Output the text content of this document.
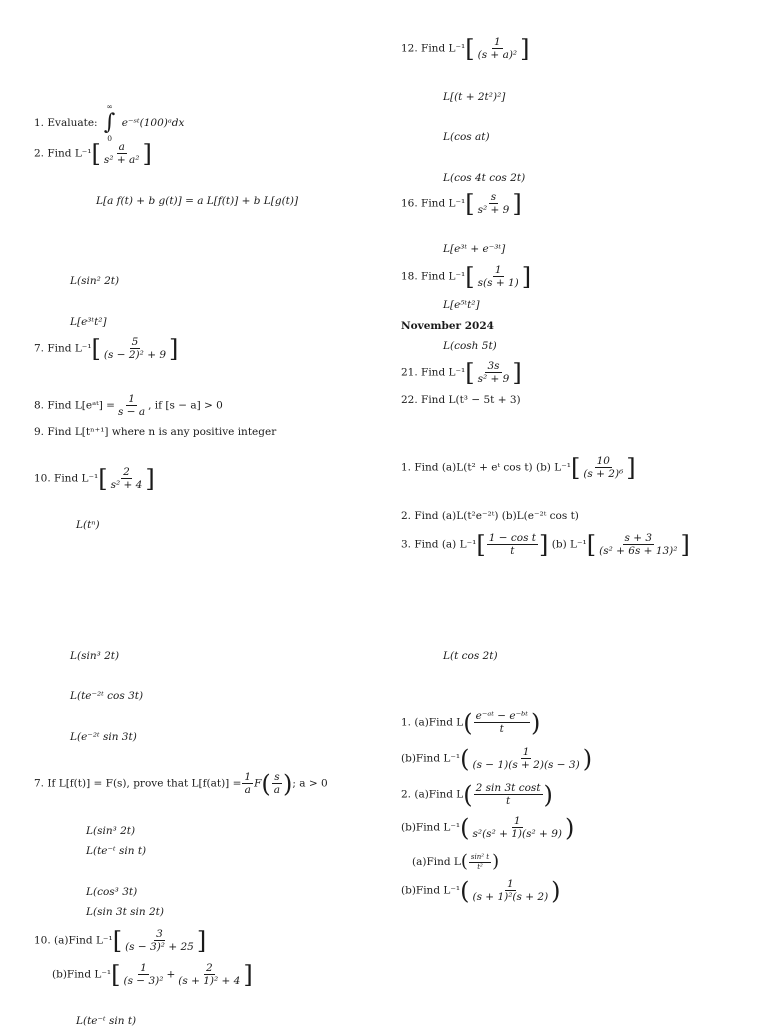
1. Evaluate:
∞
∫
0
e⁻ˢᵗ(100)ᵃdx
2. Find $L^{-1}[ \frac{a}{\text{s² + a²}}$ ]
L[a f(t) + b g(t)] = a L[f(t)] + b L[g(t)]
L(sin² 2t)
L[e³ᵗt²]
7. Find $L^{-1}[ \frac{5}{\text{(s − 2)² + 9}}$ ]
8. Find L[eᵃᵗ] = $\frac{1}{s - a}$ , if [s − a] > 0
9. Find L[tⁿ⁺¹] where n is any positive integer
10. Find $L^{-1}[ \frac{2}{\text{s² + 4}}$ ]
L(tⁿ)
L(sin³ 2t)
L(te⁻²ᵗ cos 3t)
L(e⁻²ᵗ sin 3t)
7. If L[f(t)] = F(s), prove that $L[f(at)] = \frac{1}{a} F( \frac{s}{a}$ ); a > 0
L(sin³ 2t)
L(te⁻ᵗ sin t)
L(cos³ 3t)
L(sin 3t sin 2t)
10. (a)Find $L^{-1}[ \frac{3}{\text{(s − 3)² + 25}}$ ]
(b)Find $L^{-1}[ \frac{1}{\text{(s − 3)²}} + \frac{2}{\text{(s + 1)² + 4}}$ ]
L(te⁻ᵗ sin t)
12. Find $L^{-1}[ \frac{1}{\text{(s + a)²}}$ ]
L[(t + 2t²)²]
L(cos at)
L(cos 4t cos 2t)
16. Find $L^{-1}[ \frac{s}{\text{s² + 9}}$ ]
L[e³ᵗ + e⁻³ᵗ]
18. Find $L^{-1}[ \frac{1}{s(s + 1)}$ ]
L[e⁵ᵗt²]
November 2024
L(cosh 5t)
21. Find $L^{-1}[ \frac{3s}{\text{s² + 9}}$ ]
22. Find L(t³ − 5t + 3)
1. Find (a)L(t² + eᵗ cos t) (b) $L^{-1}[ \frac{10}{\text{(s + 2)⁶}}$ ]
2. Find (a)L(t²e⁻²ᵗ) (b)L(e⁻²ᵗ cos t)
3. Find (a) $L^{-1}[ \frac{\text{1 − cos t}}{t}$ ] (b) $L^{-1}[ \frac{s + 3}{\text{(s² + 6s + 13)²}}$ ]
L(t cos 2t)
1. (a)Find $L( \frac{\text{e⁻ᵃᵗ − e⁻ᵇᵗ}}{t}$ )
(b)Find $L^{-1}( \frac{1}{(s - 1)(s + 2)(s - 3)}$ )
2. (a)Find $L( \frac{\text{2 sin 3t cost}}{t}$ )
(b)Find $L^{-1}( \frac{1}{\text{s²(s² + 1)(s² + 9)}}$ )
(a)Find $L( \frac{\text{sin² t}}{\text{t²}}$ )
(b)Find $L^{-1}( \frac{1}{\text{(s + 1)²(s + 2)}}$ )
